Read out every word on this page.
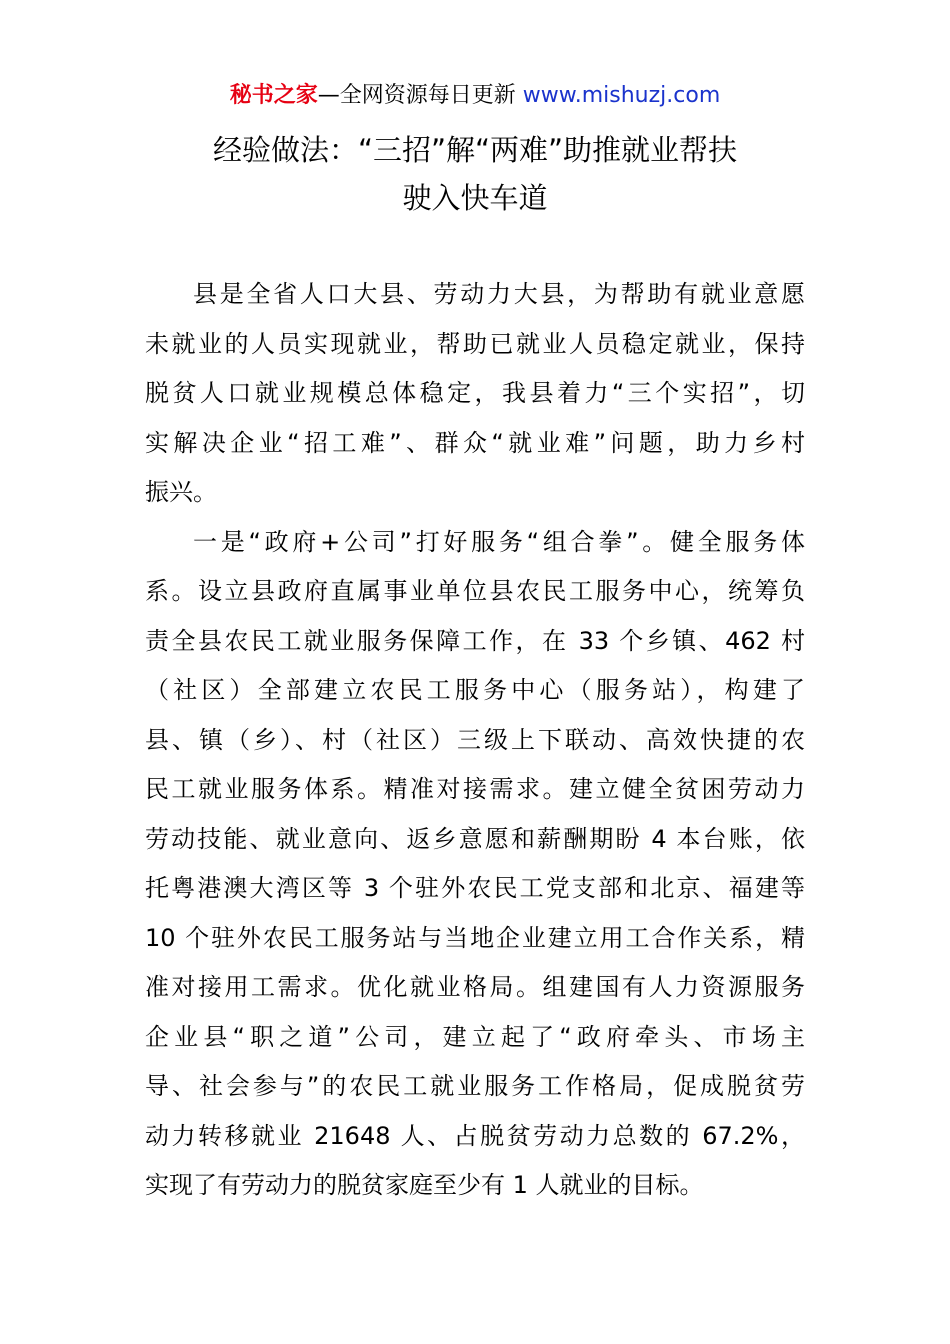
秘书之家—全网资源每日更新 www.mishuzj.com
经验做法：“三招”解“两难”助推就业帮扶
驶入快车道
县是全省人口大县、劳动力大县，为帮助有就业意愿
未就业的人员实现就业，帮助已就业人员稳定就业，保持
脱贫人口就业规模总体稳定，我县着力“三个实招”，切
实解决企业“招工难”、群众“就业难”问题，助力乡村
振兴。
一是“政府+公司”打好服务“组合拳”。健全服务体
系。设立县政府直属事业单位县农民工服务中心，统筹负
责全县农民工就业服务保障工作，在 33 个乡镇、462 村
（社区）全部建立农民工服务中心（服务站），构建了
县、镇（乡）、村（社区）三级上下联动、高效快捷的农
民工就业服务体系。精准对接需求。建立健全贫困劳动力
劳动技能、就业意向、返乡意愿和薪酬期盼 4 本台账，依
托粤港澳大湾区等 3 个驻外农民工党支部和北京、福建等
10 个驻外农民工服务站与当地企业建立用工合作关系，精
准对接用工需求。优化就业格局。组建国有人力资源服务
企业县“职之道”公司，建立起了“政府牵头、市场主
导、社会参与”的农民工就业服务工作格局，促成脱贫劳
动力转移就业 21648 人、占脱贫劳动力总数的 67.2%，
实现了有劳动力的脱贫家庭至少有 1 人就业的目标。
